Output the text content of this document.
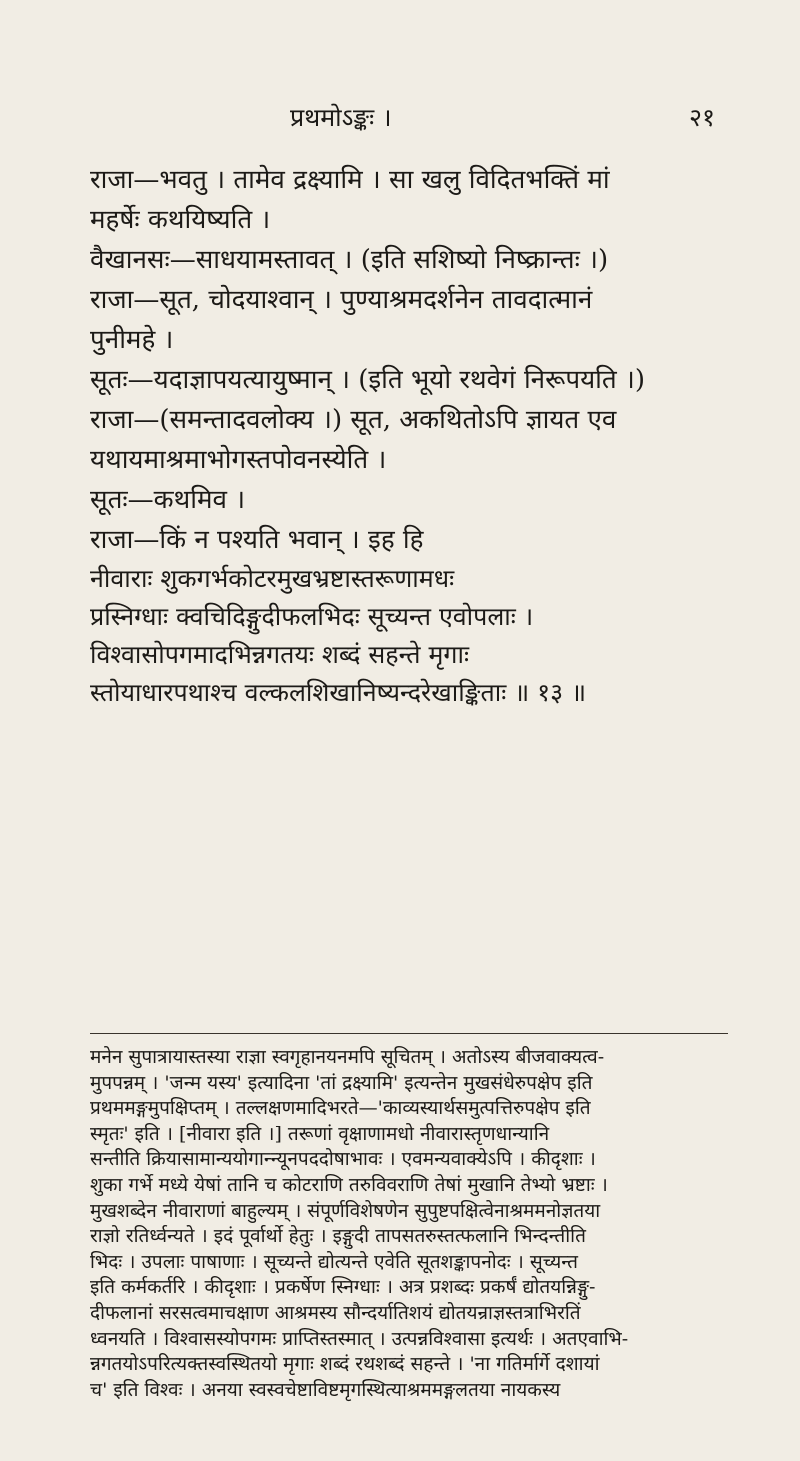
प्रथमोऽङ्कः ।	२१

राजा—भवतु । तामेव द्रक्ष्यामि । सा खलु विदितभक्तिं मां

महर्षेः कथयिष्यति ।

वैखानसः—साधयामस्तावत् । (इति सशिष्यो निष्क्रान्तः ।)

राजा—सूत, चोदयाश्वान् । पुण्याश्रमदर्शनेन तावदात्मानं

पुनीमहे ।

सूतः—यदाज्ञापयत्यायुष्मान् । (इति भूयो रथवेगं निरूपयति ।)

राजा—(समन्तादवलोक्य ।) सूत, अकथितोऽपि ज्ञायत एव

यथायमाश्रमाभोगस्तपोवनस्येति ।

सूतः—कथमिव ।

राजा—किं न पश्यति भवान् । इह हि

नीवाराः शुकगर्भकोटरमुखभ्रष्टास्तरूणामधः

प्रस्निग्धाः क्वचिदिङ्गुदीफलभिदः सूच्यन्त एवोपलाः ।

विश्वासोपगमादभिन्नगतयः शब्दं सहन्ते मृगाः

स्तोयाधारपथाश्च वल्कलशिखानिष्यन्दरेखाङ्किताः ॥ १३ ॥

मनेन सुपात्रायास्तस्या राज्ञा स्वगृहानयनमपि सूचितम् । अतोऽस्य बीजवाक्यत्व-

मुपपन्नम् । 'जन्म यस्य' इत्यादिना 'तां द्रक्ष्यामि' इत्यन्तेन मुखसंधेरुपक्षेप इति

प्रथममङ्गमुपक्षिप्तम् । तल्लक्षणमादिभरते—'काव्यस्यार्थसमुत्पत्तिरुपक्षेप इति

स्मृतः' इति । [नीवारा इति ।] तरूणां वृक्षाणामधो नीवारास्तृणधान्यानि

सन्तीति क्रियासामान्ययोगान्न्यूनपददोषाभावः । एवमन्यवाक्येऽपि । कीदृशाः ।

शुका गर्भे मध्ये येषां तानि च कोटराणि तरुविवराणि तेषां मुखानि तेभ्यो भ्रष्टाः ।

मुखशब्देन नीवाराणां बाहुल्यम् । संपूर्णविशेषणेन सुपुष्टपक्षित्वेनाश्रममनोज्ञतया

राज्ञो रतिर्ध्वन्यते । इदं पूर्वार्थो हेतुः । इङ्गुदी तापसतरुस्तत्फलानि भिन्दन्तीति

भिदः । उपलाः पाषाणाः । सूच्यन्ते द्योत्यन्ते एवेति सूतशङ्कापनोदः । सूच्यन्त

इति कर्मकर्तरि । कीदृशाः । प्रकर्षेण स्निग्धाः । अत्र प्रशब्दः प्रकर्षं द्योतयन्निङ्गु-

दीफलानां सरसत्वमाचक्षाण आश्रमस्य सौन्दर्यातिशयं द्योतयन्राज्ञस्तत्राभिरतिं

ध्वनयति । विश्वासस्योपगमः प्राप्तिस्तस्मात् । उत्पन्नविश्वासा इत्यर्थः । अतएवाभि-

न्नगतयोऽपरित्यक्तस्वस्थितयो मृगाः शब्दं रथशब्दं सहन्ते । 'ना गतिर्मार्गे दशायां

च' इति विश्वः । अनया स्वस्वचेष्टाविष्टमृगस्थित्याश्रममङ्गलतया नायकस्य
